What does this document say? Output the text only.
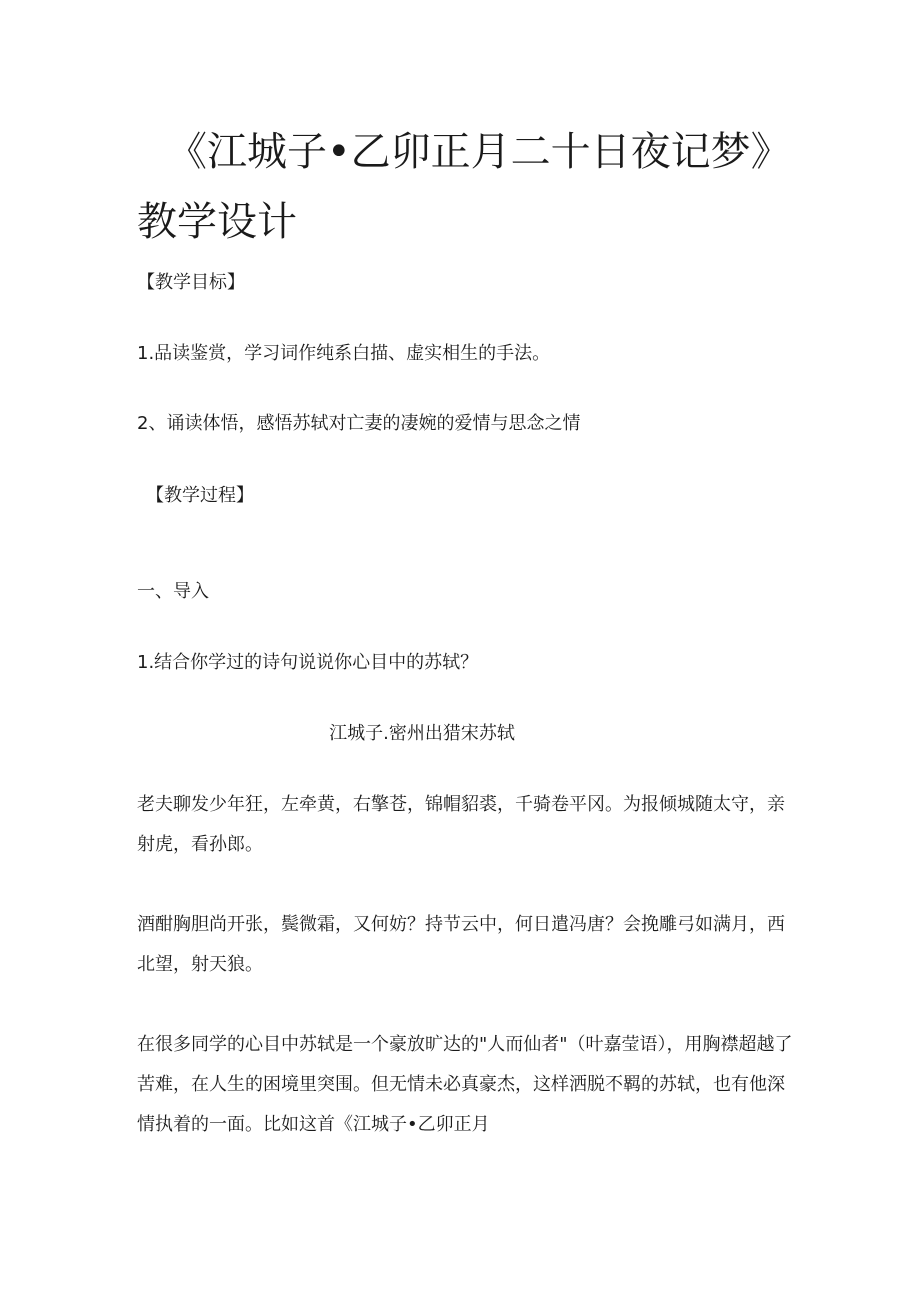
《江城子•乙卯正月二十日夜记梦》教学设计

【教学目标】

1.品读鉴赏，学习词作纯系白描、虚实相生的手法。

2、诵读体悟，感悟苏轼对亡妻的凄婉的爱情与思念之情

【教学过程】

一、导入

1.结合你学过的诗句说说你心目中的苏轼？

江城子.密州出猎宋苏轼

老夫聊发少年狂，左牵黄，右擎苍，锦帽貂裘，千骑卷平冈。为报倾城随太守，亲射虎，看孙郎。

酒酣胸胆尚开张，鬓微霜，又何妨？持节云中，何日遣冯唐？会挽雕弓如满月，西北望，射天狼。

在很多同学的心目中苏轼是一个豪放旷达的"人而仙者"（叶嘉莹语），用胸襟超越了苦难，在人生的困境里突围。但无情未必真豪杰，这样洒脱不羁的苏轼，也有他深情执着的一面。比如这首《江城子•乙卯正月
